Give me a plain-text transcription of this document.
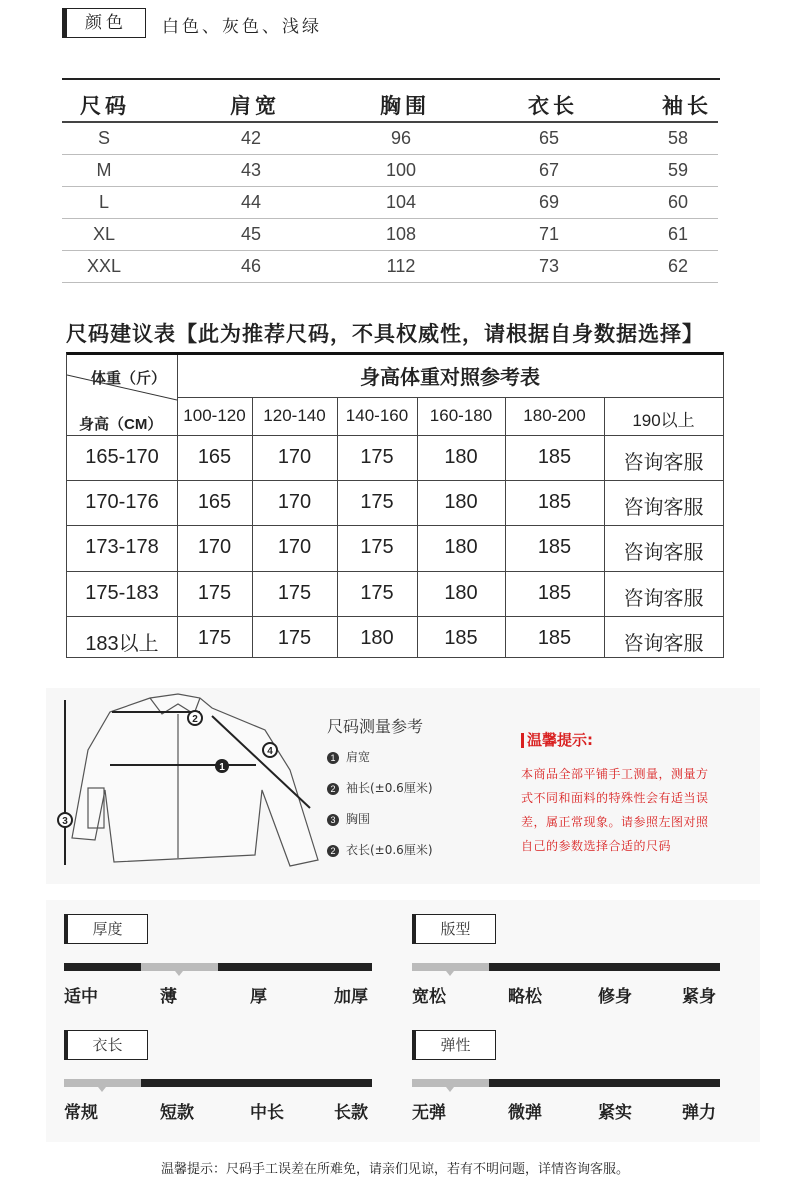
颜色	白色、灰色、浅绿
尺码	肩宽	胸围	衣长	袖长
S	42	96	65	58
M	43	100	67	59
L	44	104	69	60
XL	45	108	71	61
XXL	46	112	73	62
尺码建议表【此为推荐尺码，不具权威性，请根据自身数据选择】
体重（斤）
身高（CM）
身高体重对照参考表
100-120	120-140	140-160	160-180	180-200	190以上
165-170	165	170	175	180	185	咨询客服
170-176	165	170	175	180	185	咨询客服
173-178	170	170	175	180	185	咨询客服
175-183	175	175	175	180	185	咨询客服
183以上	175	175	180	185	185	咨询客服
2
1
3
4
尺码测量参考
1 肩宽
2 袖长(±0.6厘米)
3 胸围
2 衣长(±0.6厘米)
温馨提示:
本商品全部平铺手工测量，测量方
式不同和面料的特殊性会有适当误
差，属正常现象。请参照左图对照
自己的参数选择合适的尺码
厚度
适中	薄	厚	加厚
版型
宽松	略松	修身	紧身
衣长
常规	短款	中长	长款
弹性
无弹	微弹	紧实	弹力
温馨提示：尺码手工误差在所难免，请亲们见谅，若有不明问题，详情咨询客服。
